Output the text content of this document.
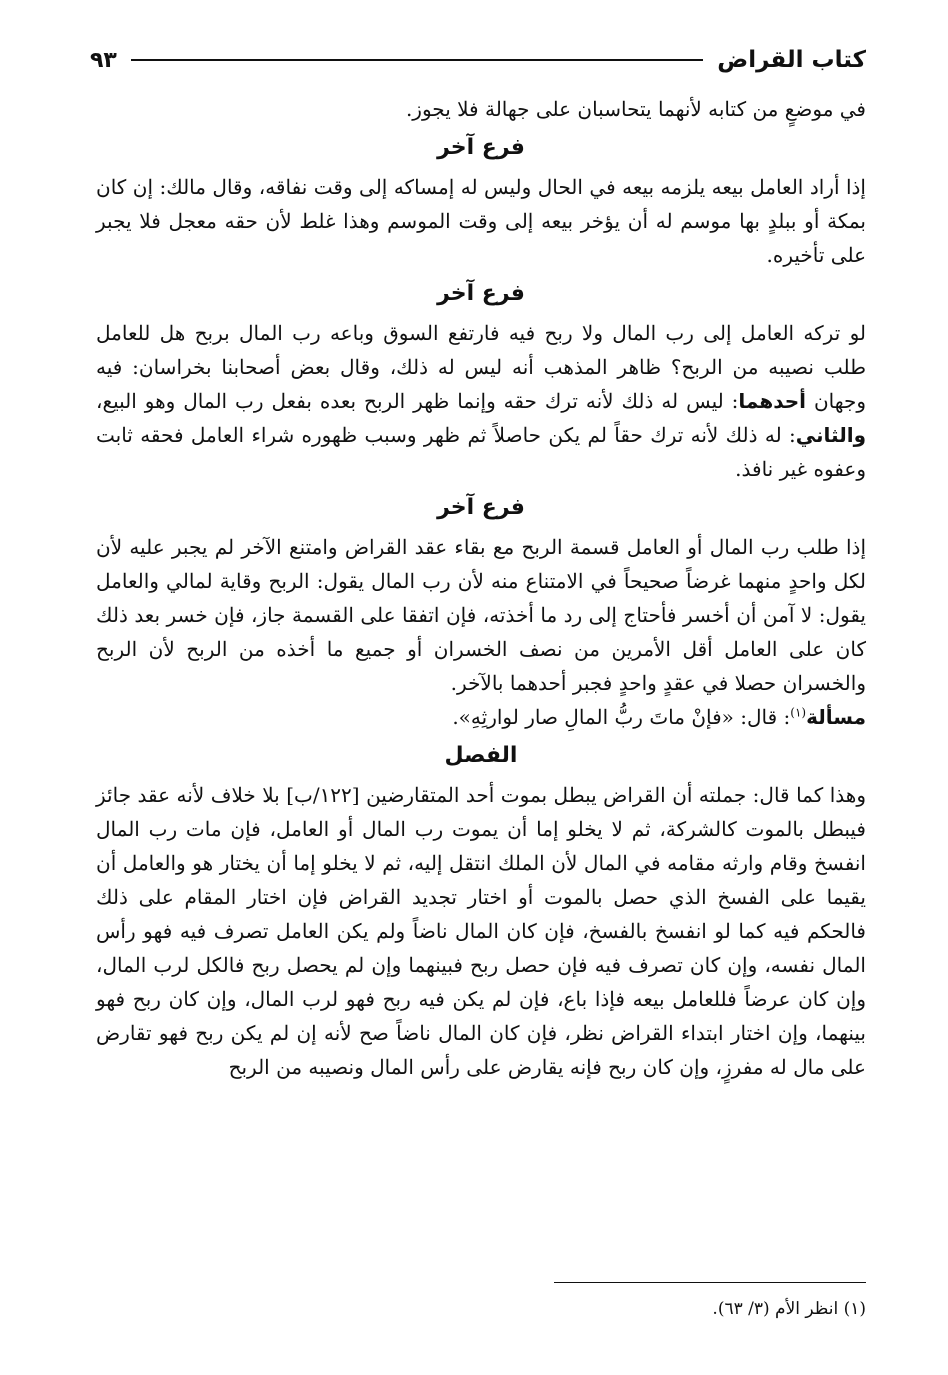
كتاب القراض
٩٣

في موضعٍ من كتابه لأنهما يتحاسبان على جهالة فلا يجوز.

فرع آخر

إذا أراد العامل بيعه يلزمه بيعه في الحال وليس له إمساكه إلى وقت نفاقه، وقال مالك: إن كان بمكة أو ببلدٍ بها موسم له أن يؤخر بيعه إلى وقت الموسم وهذا غلط لأن حقه معجل فلا يجبر على تأخيره.

فرع آخر

لو تركه العامل إلى رب المال ولا ربح فيه فارتفع السوق وباعه رب المال بربح هل للعامل طلب نصيبه من الربح؟ ظاهر المذهب أنه ليس له ذلك، وقال بعض أصحابنا بخراسان: فيه وجهان أحدهما: ليس له ذلك لأنه ترك حقه وإنما ظهر الربح بعده بفعل رب المال وهو البيع، والثاني: له ذلك لأنه ترك حقاً لم يكن حاصلاً ثم ظهر وسبب ظهوره شراء العامل فحقه ثابت وعفوه غير نافذ.

فرع آخر

إذا طلب رب المال أو العامل قسمة الربح مع بقاء عقد القراض وامتنع الآخر لم يجبر عليه لأن لكل واحدٍ منهما غرضاً صحيحاً في الامتناع منه لأن رب المال يقول: الربح وقاية لمالي والعامل يقول: لا آمن أن أخسر فأحتاج إلى رد ما أخذته، فإن اتفقا على القسمة جاز، فإن خسر بعد ذلك كان على العامل أقل الأمرين من نصف الخسران أو جميع ما أخذه من الربح لأن الربح والخسران حصلا في عقدٍ واحدٍ فجبر أحدهما بالآخر.

مسألة$^{(١)}$: قال: «فإنْ ماتَ ربُّ المالِ صار لوارثِهِ».

الفصل

وهذا كما قال: جملته أن القراض يبطل بموت أحد المتقارضين [١٢٢/ب] بلا خلاف لأنه عقد جائز فيبطل بالموت كالشركة، ثم لا يخلو إما أن يموت رب المال أو العامل، فإن مات رب المال انفسخ وقام وارثه مقامه في المال لأن الملك انتقل إليه، ثم لا يخلو إما أن يختار هو والعامل أن يقيما على الفسخ الذي حصل بالموت أو اختار تجديد القراض فإن اختار المقام على ذلك فالحكم فيه كما لو انفسخ بالفسخ، فإن كان المال ناضاً ولم يكن العامل تصرف فيه فهو رأس المال نفسه، وإن كان تصرف فيه فإن حصل ربح فبينهما وإن لم يحصل ربح فالكل لرب المال، وإن كان عرضاً فللعامل بيعه فإذا باع، فإن لم يكن فيه ربح فهو لرب المال، وإن كان ربح فهو بينهما، وإن اختار ابتداء القراض نظر، فإن كان المال ناضاً صح لأنه إن لم يكن ربح فهو تقارض على مال له مفرزٍ، وإن كان ربح فإنه يقارض على رأس المال ونصيبه من الربح

(١) انظر الأم (٣/ ٦٣).
